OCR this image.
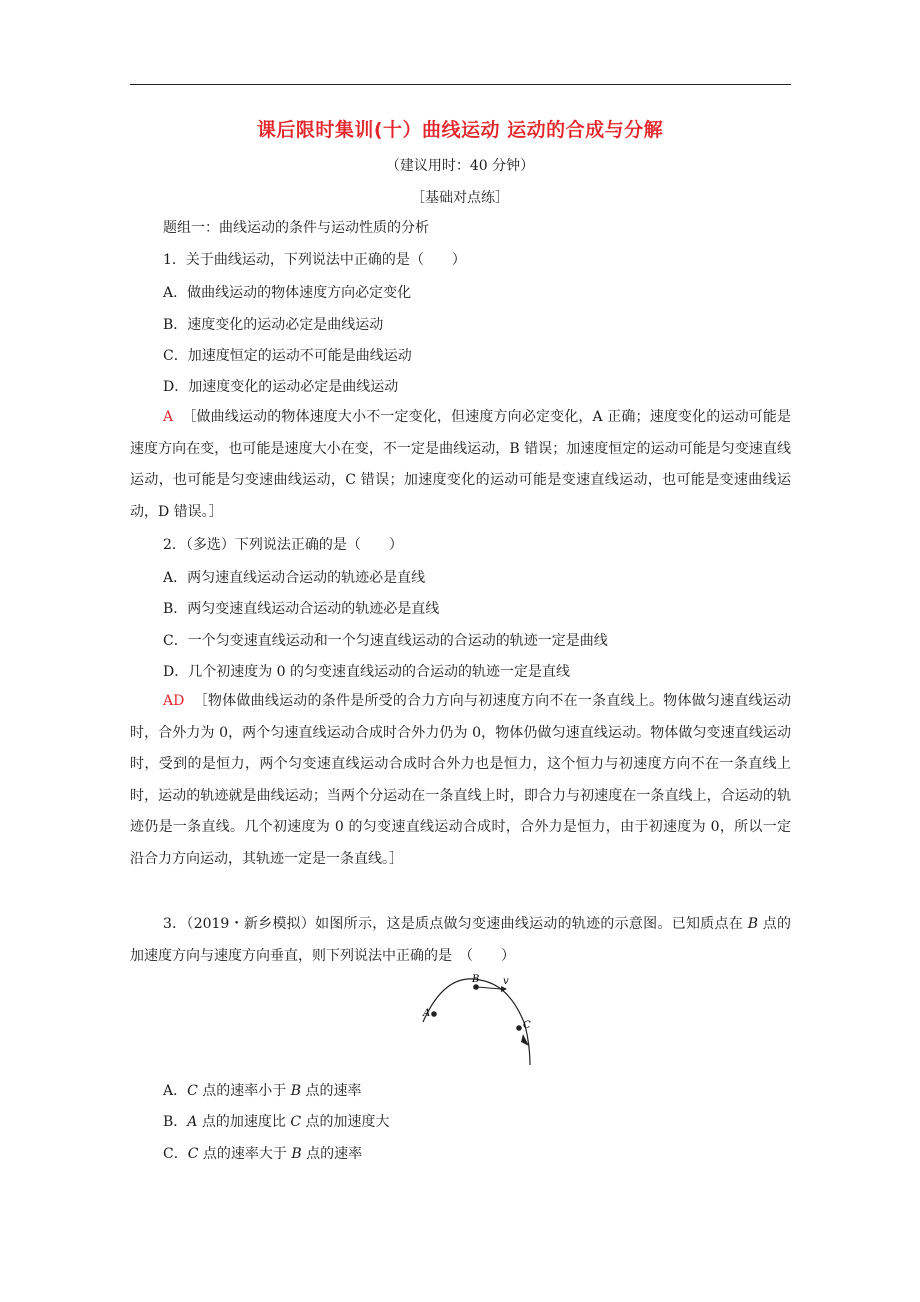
课后限时集训(十）曲线运动 运动的合成与分解
（建议用时：40 分钟）
［基础对点练］
题组一：曲线运动的条件与运动性质的分析
1．关于曲线运动，下列说法中正确的是（　　）
A．做曲线运动的物体速度方向必定变化
B．速度变化的运动必定是曲线运动
C．加速度恒定的运动不可能是曲线运动
D．加速度变化的运动必定是曲线运动
A ［做曲线运动的物体速度大小不一定变化，但速度方向必定变化，A 正确；速度变化的运动可能是速度方向在变，也可能是速度大小在变，不一定是曲线运动，B 错误；加速度恒定的运动可能是匀变速直线运动，也可能是匀变速曲线运动，C 错误；加速度变化的运动可能是变速直线运动，也可能是变速曲线运动，D 错误。］
2．（多选）下列说法正确的是（　　）
A．两匀速直线运动合运动的轨迹必是直线
B．两匀变速直线运动合运动的轨迹必是直线
C．一个匀变速直线运动和一个匀速直线运动的合运动的轨迹一定是曲线
D．几个初速度为 0 的匀变速直线运动的合运动的轨迹一定是直线
AD ［物体做曲线运动的条件是所受的合力方向与初速度方向不在一条直线上。物体做匀速直线运动时，合外力为 0，两个匀速直线运动合成时合外力仍为 0，物体仍做匀速直线运动。物体做匀变速直线运动时，受到的是恒力，两个匀变速直线运动合成时合外力也是恒力，这个恒力与初速度方向不在一条直线上时，运动的轨迹就是曲线运动；当两个分运动在一条直线上时，即合力与初速度在一条直线上，合运动的轨迹仍是一条直线。几个初速度为 0 的匀变速直线运动合成时，合外力是恒力，由于初速度为 0，所以一定沿合力方向运动，其轨迹一定是一条直线。］
3．（2019・新乡模拟）如图所示，这是质点做匀变速曲线运动的轨迹的示意图。已知质点在 B 点的加速度方向与速度方向垂直，则下列说法中正确的是　（　　）
A
B
C
v
A．C 点的速率小于 B 点的速率
B．A 点的加速度比 C 点的加速度大
C．C 点的速率大于 B 点的速率
